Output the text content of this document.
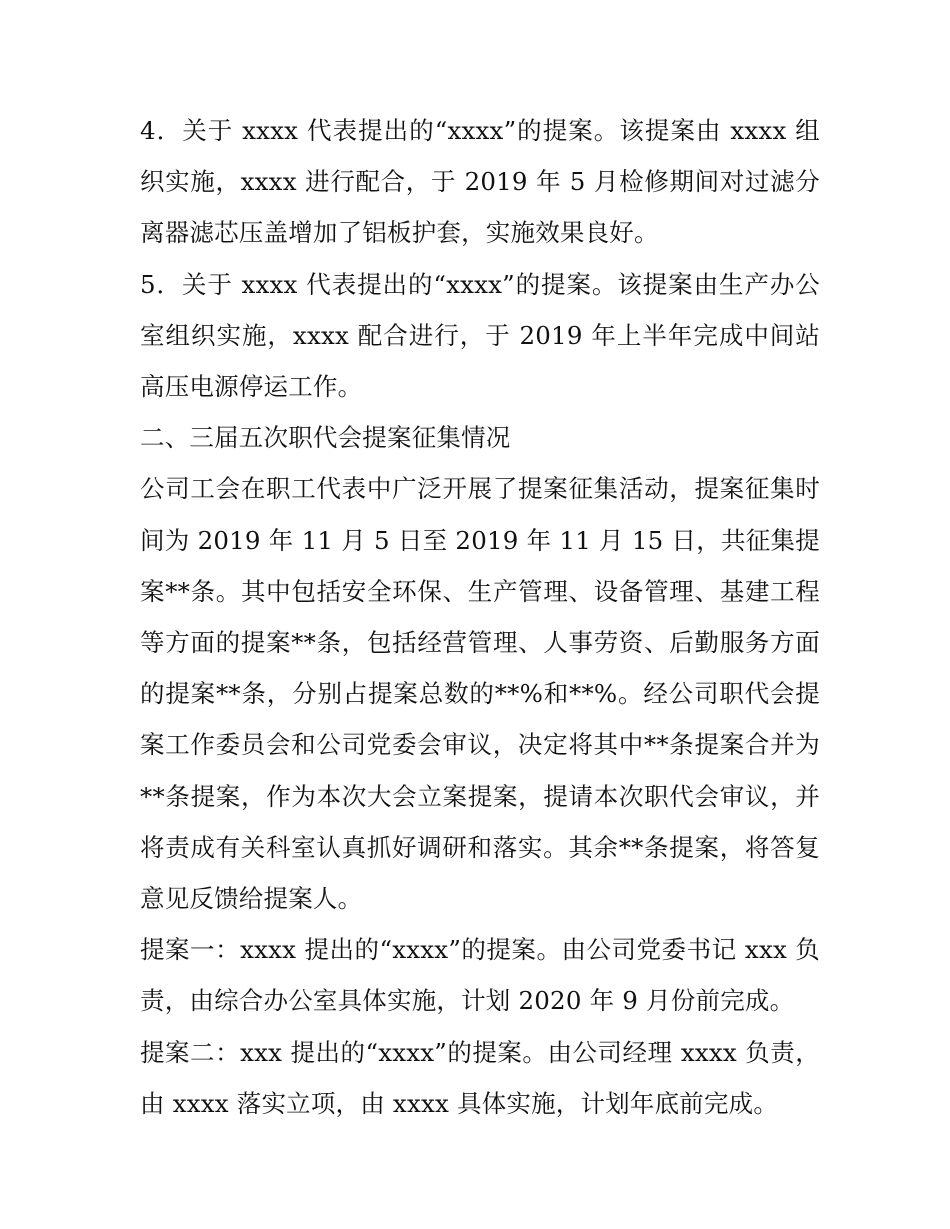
4．关于 xxxx 代表提出的“xxxx”的提案。该提案由 xxxx 组织实施，xxxx 进行配合，于 2019 年 5 月检修期间对过滤分离器滤芯压盖增加了铝板护套，实施效果良好。

5．关于 xxxx 代表提出的“xxxx”的提案。该提案由生产办公室组织实施，xxxx 配合进行，于 2019 年上半年完成中间站高压电源停运工作。

二、三届五次职代会提案征集情况

公司工会在职工代表中广泛开展了提案征集活动，提案征集时间为 2019 年 11 月 5 日至 2019 年 11 月 15 日，共征集提案**条。其中包括安全环保、生产管理、设备管理、基建工程等方面的提案**条，包括经营管理、人事劳资、后勤服务方面的提案**条，分别占提案总数的**%和**%。经公司职代会提案工作委员会和公司党委会审议，决定将其中**条提案合并为**条提案，作为本次大会立案提案，提请本次职代会审议，并将责成有关科室认真抓好调研和落实。其余**条提案，将答复意见反馈给提案人。

提案一：xxxx 提出的“xxxx”的提案。由公司党委书记 xxx 负责，由综合办公室具体实施，计划 2020 年 9 月份前完成。

提案二：xxx 提出的“xxxx”的提案。由公司经理 xxxx 负责，由 xxxx 落实立项，由 xxxx 具体实施，计划年底前完成。
